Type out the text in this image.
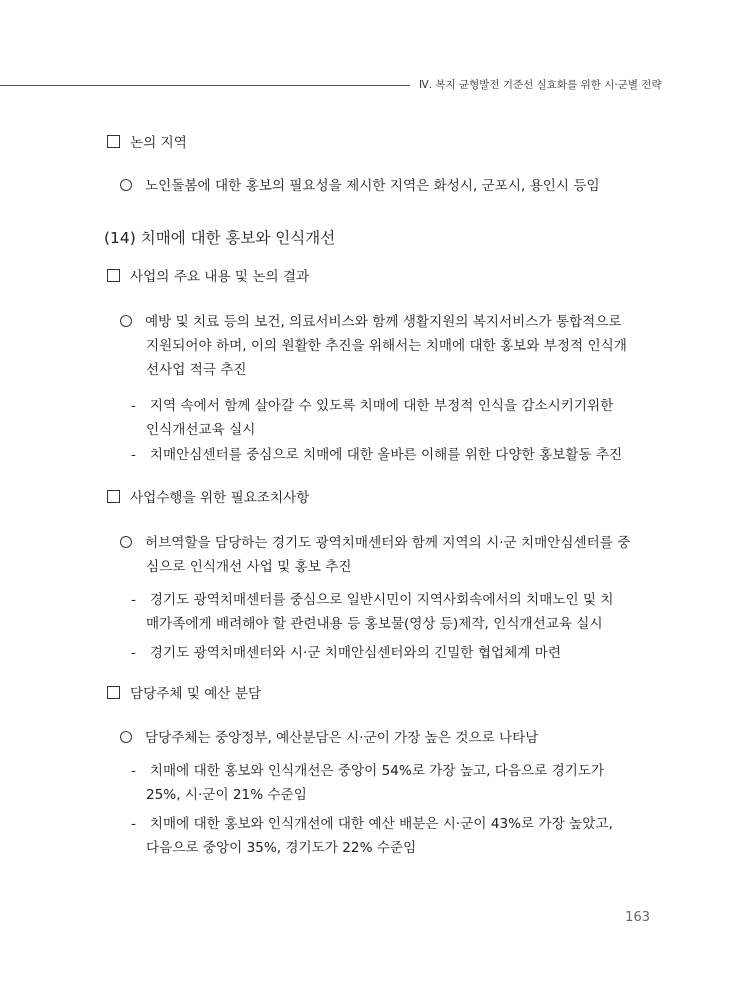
Ⅳ. 복지 균형발전 기준선 실효화를 위한 시·군별 전략
논의 지역
노인돌봄에 대한 홍보의 필요성을 제시한 지역은 화성시, 군포시, 용인시 등임
(14) 치매에 대한 홍보와 인식개선
사업의 주요 내용 및 논의 결과
예방 및 치료 등의 보건, 의료서비스와 함께 생활지원의 복지서비스가 통합적으로
지원되어야 하며, 이의 원활한 추진을 위해서는 치매에 대한 홍보와 부정적 인식개
선사업 적극 추진
- 지역 속에서 함께 살아갈 수 있도록 치매에 대한 부정적 인식을 감소시키기위한
인식개선교육 실시
- 치매안심센터를 중심으로 치매에 대한 올바른 이해를 위한 다양한 홍보활동 추진
사업수행을 위한 필요조치사항
허브역할을 담당하는 경기도 광역치매센터와 함께 지역의 시·군 치매안심센터를 중
심으로 인식개선 사업 및 홍보 추진
- 경기도 광역치매센터를 중심으로 일반시민이 지역사회속에서의 치매노인 및 치
매가족에게 배려해야 할 관련내용 등 홍보물(영상 등)제작, 인식개선교육 실시
- 경기도 광역치매센터와 시·군 치매안심센터와의 긴밀한 협업체계 마련
담당주체 및 예산 분담
담당주체는 중앙정부, 예산분담은 시·군이 가장 높은 것으로 나타남
- 치매에 대한 홍보와 인식개선은 중앙이 54%로 가장 높고, 다음으로 경기도가
25%, 시·군이 21% 수준임
- 치매에 대한 홍보와 인식개선에 대한 예산 배분은 시·군이 43%로 가장 높았고,
다음으로 중앙이 35%, 경기도가 22% 수준임
163
